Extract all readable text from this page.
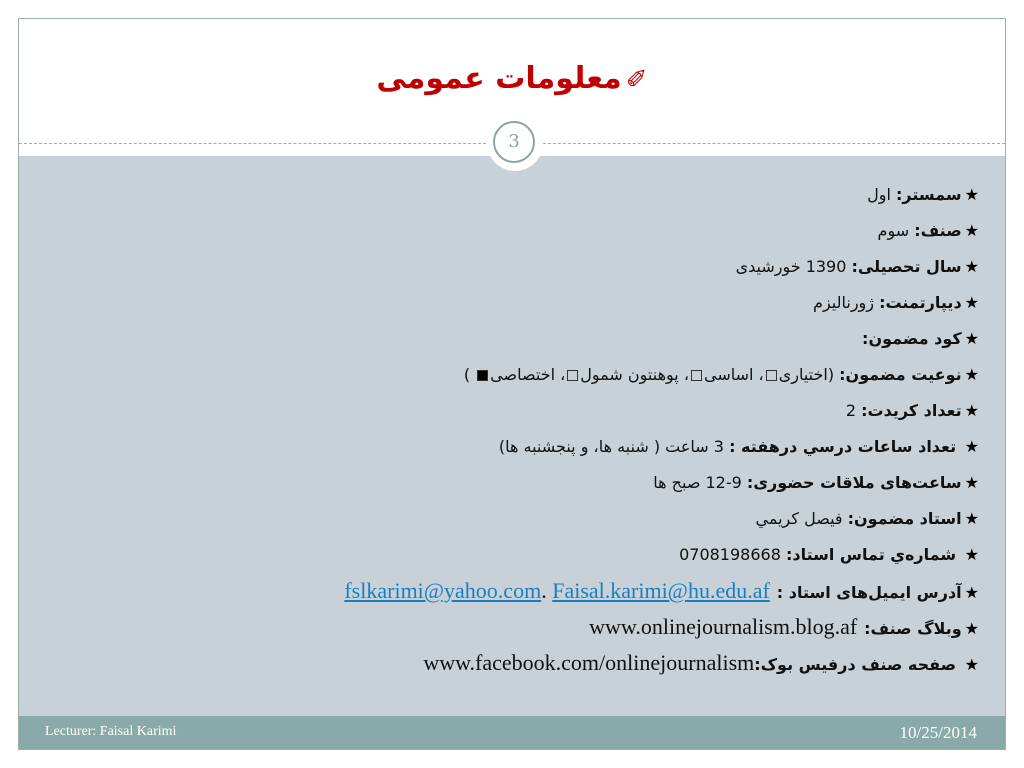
معلومات عمومی ✐
3
★سمستر: اول
★صنف: سوم
★سال تحصیلی: 1390 خورشیدی
★دیپارتمنت: ژورنالیزم
★کود مضمون:
★نوعیت مضمون: (اختیاری، اساسی، پوهنتون شمول، اختصاصی )
★تعداد کریدت: 2
★ تعداد ساعات درسي درهفته : 3 ساعت ( شنبه ها، و پنجشنبه ها)
★ساعت‌های ملاقات حضوری: 9-12 صبح ها
★استاد مضمون: فیصل کریمي
★ شماره‌ي تماس استاد: 0708198668
★آدرس ایمیل‌های استاد : fslkarimi@yahoo.com. Faisal.karimi@hu.edu.af
★وبلاگ صنف: www.onlinejournalism.blog.af
★ صفحه صنف درفیس بوک:www.facebook.com/onlinejournalism
Lecturer: Faisal Karimi	10/25/2014
